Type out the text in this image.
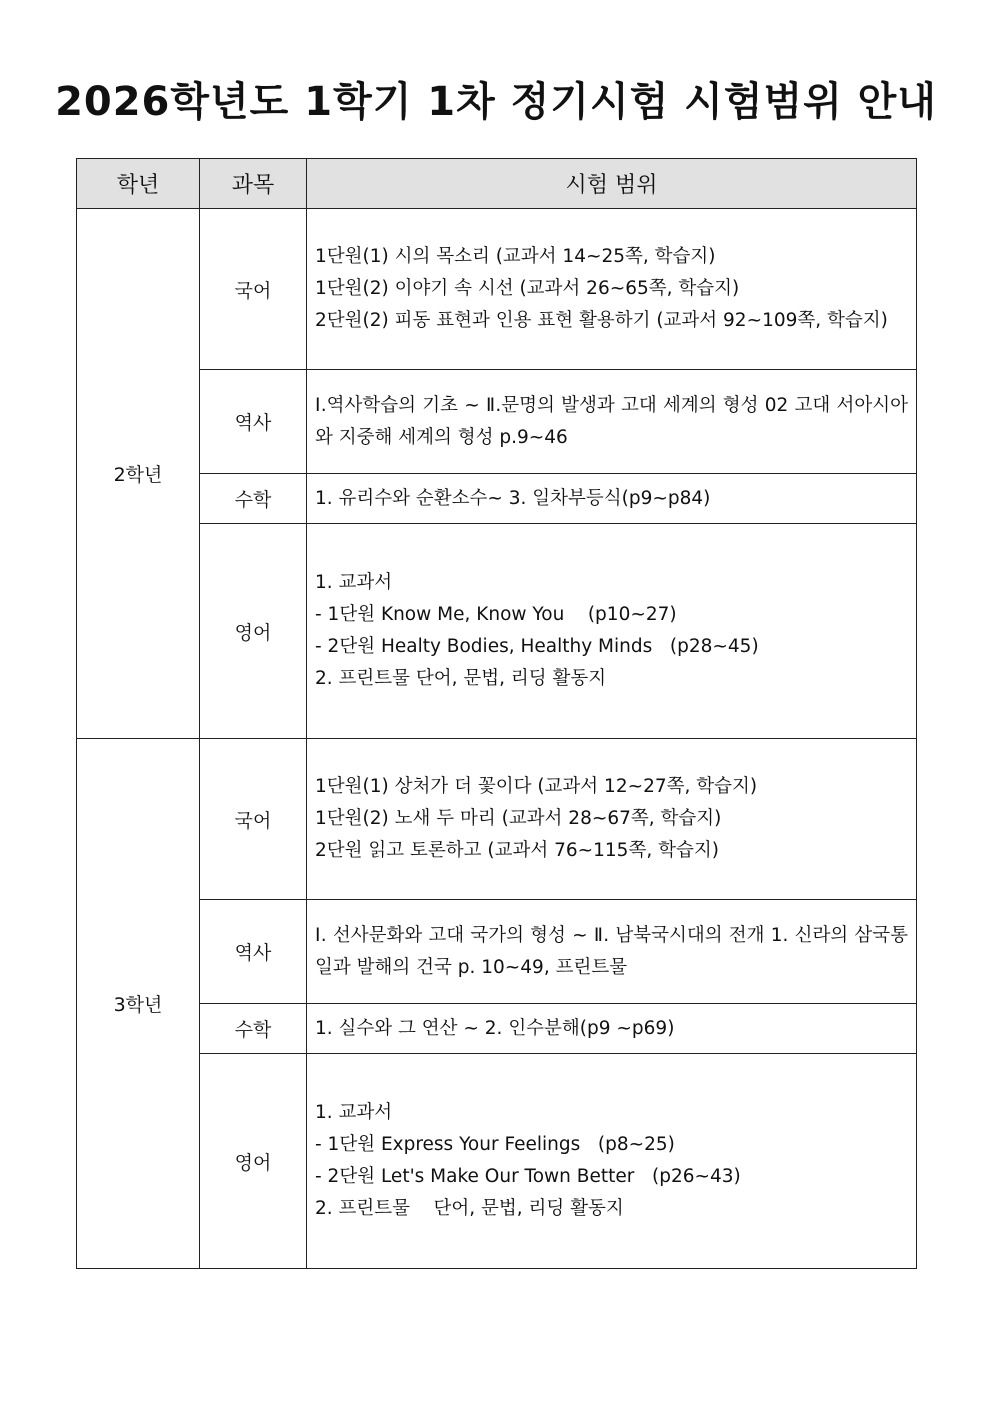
2026학년도 1학기 1차 정기시험 시험범위 안내
학년	과목	시험 범위
2학년	국어	1단원(1) 시의 목소리 (교과서 14~25쪽, 학습지)
1단원(2) 이야기 속 시선 (교과서 26~65쪽, 학습지)
2단원(2) 피동 표현과 인용 표현 활용하기 (교과서 92~109쪽, 학습지)

	역사	Ⅰ.역사학습의 기초 ~ Ⅱ.문명의 발생과 고대 세계의 형성 02 고대 서아시아와 지중해 세계의 형성 p.9~46

	수학	1. 유리수와 순환소수~ 3. 일차부등식(p9~p84)

	영어	1. 교과서
- 1단원 Know Me, Know You    (p10~27)
- 2단원 Healty Bodies, Healthy Minds   (p28~45)
2. 프린트물 단어, 문법, 리딩 활동지

3학년	국어	1단원(1) 상처가 더 꽃이다 (교과서 12~27쪽, 학습지)
1단원(2) 노새 두 마리 (교과서 28~67쪽, 학습지)
2단원 읽고 토론하고 (교과서 76~115쪽, 학습지)

	역사	Ⅰ. 선사문화와 고대 국가의 형성 ~ Ⅱ. 남북국시대의 전개 1. 신라의 삼국통일과 발해의 건국 p. 10~49, 프린트물

	수학	1. 실수와 그 연산 ~ 2. 인수분해(p9 ~p69)

	영어	1. 교과서
- 1단원 Express Your Feelings   (p8~25)
- 2단원 Let's Make Our Town Better   (p26~43)
2. 프린트물    단어, 문법, 리딩 활동지
